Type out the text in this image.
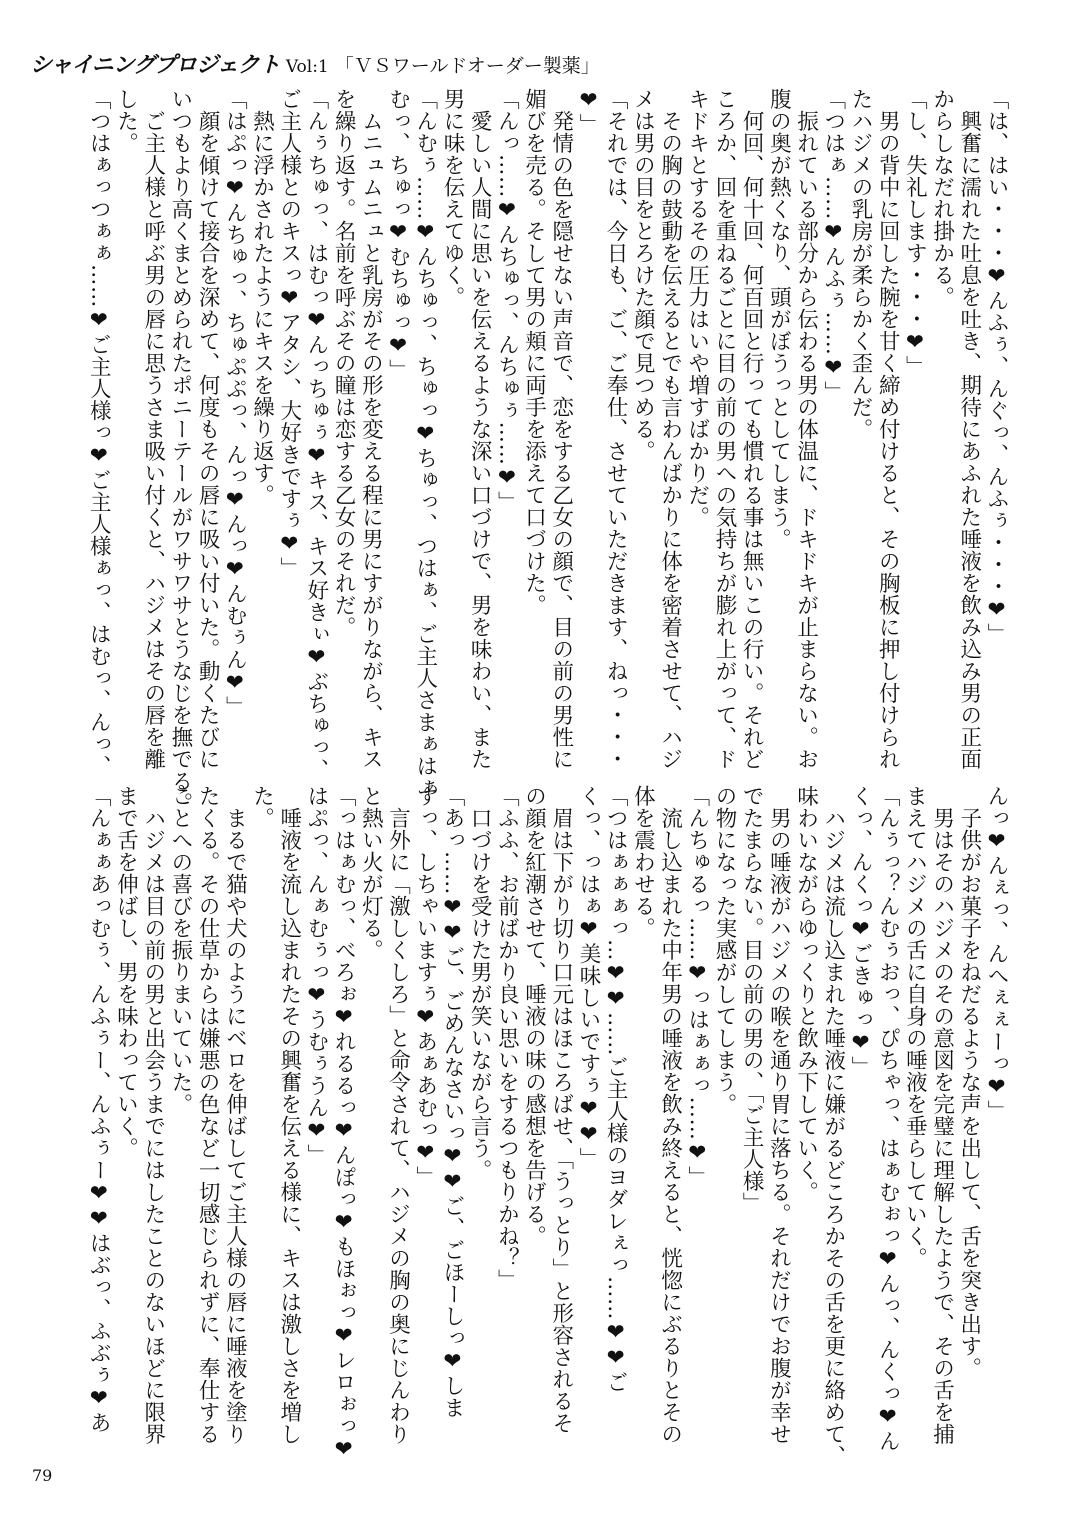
シャイニングプロジェクト Vol:1 「ＶＳワールドオーダー製薬」
「は、はい・・・❤んふぅ、んぐっ、んふぅ・・・❤」
　興奮に濡れた吐息を吐き、期待にあふれた唾液を飲み込み男の正面
からしなだれ掛かる。
「し、失礼します・・・❤」
　男の背中に回した腕を甘く締め付けると、その胸板に押し付けられ
たハジメの乳房が柔らかく歪んだ。
「つはぁ……❤んふぅ……❤」
　振れている部分から伝わる男の体温に、ドキドキが止まらない。お
腹の奥が熱くなり、頭がぼうっとしてしまう。
　何回、何十回、何百回と行っても慣れる事は無いこの行い。それど
ころか、回を重ねるごとに目の前の男への気持ちが膨れ上がって、ド
キドキとするその圧力はいや増すばかりだ。
　その胸の鼓動を伝えるとでも言わんばかりに体を密着させて、ハジ
メは男の目をとろけた顔で見つめる。
「それでは、今日も、ご、ご奉仕、させていただきます、ねっ・・・
❤」
　発情の色を隠せない声音で、恋をする乙女の顔で、目の前の男性に
媚びを売る。そして男の頬に両手を添えて口づけた。
「んっ……❤んちゅっ、んちゅぅ……❤」
　愛しい人間に思いを伝えるような深い口づけで、男を味わい、また
男に味を伝えてゆく。
「んむぅ……❤んちゅっ、ちゅっ❤ちゅっ、つはぁ、ご主人さまぁはぁ
むっ、ちゅっ❤むちゅっ❤」
　ムニュムニュと乳房がその形を変える程に男にすがりながら、キス
を繰り返す。名前を呼ぶその瞳は恋する乙女のそれだ。
「んぅちゅっ、はむっ❤んっちゅぅ❤キス、キス好きぃ❤ぶちゅっ、
ご主人様とのキスっ❤アタシ、大好きですぅ❤」
　熱に浮かされたようにキスを繰り返す。
「はぷっ❤んちゅっ、ちゅぷぷっ、んっ❤んっ❤んむぅん❤」
　顔を傾けて接合を深めて、何度もその唇に吸い付いた。動くたびに
いつもより高くまとめられたポニーテールがワサワサとうなじを撫でる。
　ご主人様と呼ぶ男の唇に思うさま吸い付くと、ハジメはその唇を離
した。
「つはぁっつぁぁ……❤ご主人様っ❤ご主人様ぁっ、はむっ、んっ、
んっ❤んぇっ、んへぇぇーっ❤」
　子供がお菓子をねだるような声を出して、舌を突き出す。
　男はそのハジメのその意図を完璧に理解したようで、その舌を捕
まえてハジメの舌に自身の唾液を垂らしていく。
「んぅっ？んむぅおっ、ぴちゃっ、はぁむぉっ❤んっ、んくっ❤ん
くっ、んくっ❤ごきゅっ❤」
　ハジメは流し込まれた唾液に嫌がるどころかその舌を更に絡めて、
味わいながらゆっくりと飲み下していく。
　男の唾液がハジメの喉を通り胃に落ちる。それだけでお腹が幸せ
でたまらない。目の前の男の、「ご主人様」
の物になった実感がしてしまう。
「んちゅるっ……❤っはぁぁっ……❤」
　流し込まれた中年男の唾液を飲み終えると、恍惚にぶるりとその
体を震わせる。
「つはぁぁぁっ…❤❤……ご主人様のヨダレぇっ……❤❤ご
くっ、っはぁ❤美味しいですぅ❤❤」
　眉は下がり切り口元はほころばせ、「うっとり」と形容されるそ
の顔を紅潮させて、唾液の味の感想を告げる。
「ふふ、お前ばかり良い思いをするつもりかね？」
　口づけを受けた男が笑いながら言う。
「あっ……❤❤ご、ごめんなさいっ❤❤ご、ごほーしっ❤しま
すっ、しちゃいますぅ❤あぁあむっ❤」
　言外に「激しくしろ」と命令されて、ハジメの胸の奥にじんわり
と熱い火が灯る。
「っはぁむっ、べろぉ❤れるるっ❤んぽっ❤もほぉっ❤レロぉっ❤
はぷっ、んぁむぅっ❤うむぅうん❤」
　唾液を流し込まれたその興奮を伝える様に、キスは激しさを増し
た。
　まるで猫や犬のようにベロを伸ばしてご主人様の唇に唾液を塗り
たくる。その仕草からは嫌悪の色など一切感じられずに、奉仕する
ことへの喜びを振りまいていた。
　ハジメは目の前の男と出会うまでにはしたことのないほどに限界
まで舌を伸ばし、男を味わっていく。
「んぁぁあっむぅ、んふぅー、んふぅー❤❤はぶっ、ふぶぅ❤あ
79
